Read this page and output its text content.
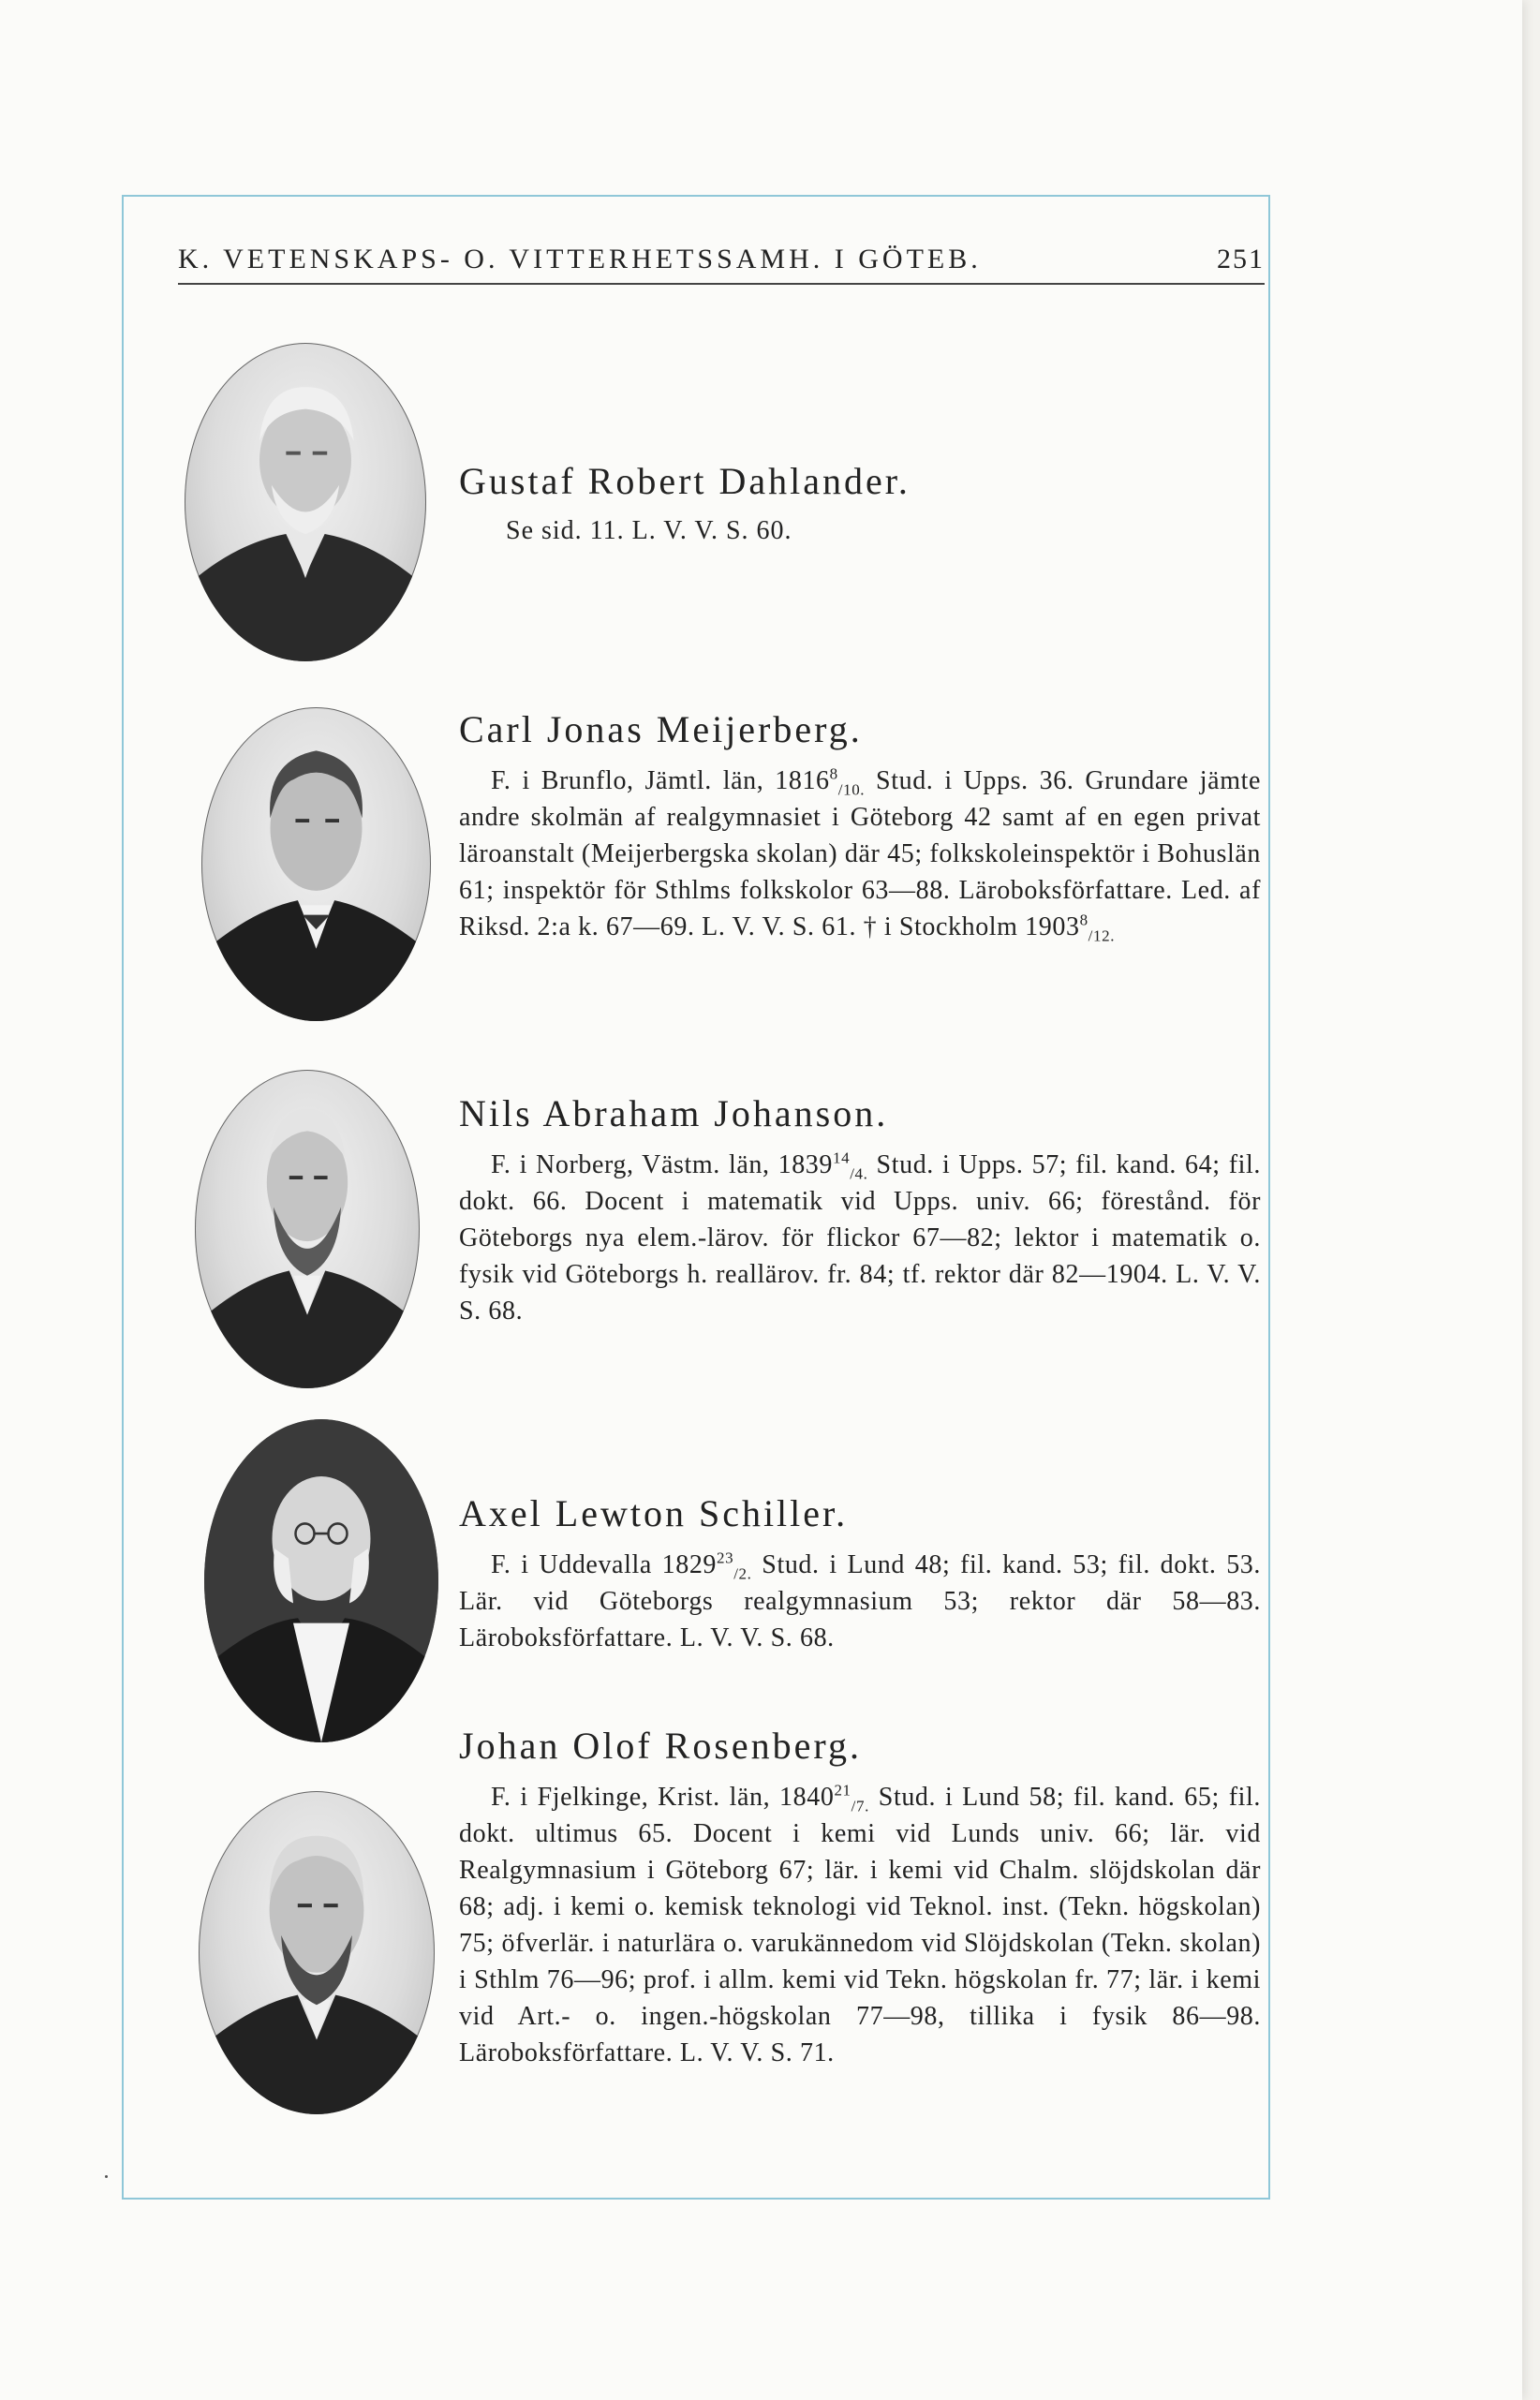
K. VETENSKAPS- O. VITTERHETSSAMH. I GÖTEB.	251
Gustaf Robert Dahlander.
Se sid. 11. L. V. V. S. 60.
Carl Jonas Meijerberg.
F. i Brunflo, Jämtl. län, $1816^8_{/10.}$ Stud. i Upps. 36. Grundare jämte andre skolmän af realgymnasiet i Göteborg 42 samt af en egen privat läroanstalt (Meijerbergska skolan) där 45; folkskoleinspektör i Bohuslän 61; inspektör för Sthlms folkskolor 63—88. Läroboksförfattare. Led. af Riksd. 2:a k. 67—69. L. V. V. S. 61. † i Stockholm $1903^8_{/12.}$
Nils Abraham Johanson.
F. i Norberg, Västm. län, $1839^{14}_{/4.}$ Stud. i Upps. 57; fil. kand. 64; fil. dokt. 66. Docent i matematik vid Upps. univ. 66; förestånd. för Göteborgs nya elem.-lärov. för flickor 67—82; lektor i matematik o. fysik vid Göteborgs h. reallärov. fr. 84; tf. rektor där 82—1904. L. V. V. S. 68.
Axel Lewton Schiller.
F. i Uddevalla $1829^{23}_{/2.}$ Stud. i Lund 48; fil. kand. 53; fil. dokt. 53. Lär. vid Göteborgs realgymnasium 53; rektor där 58—83. Läroboksförfattare. L. V. V. S. 68.
Johan Olof Rosenberg.
F. i Fjelkinge, Krist. län, $1840^{21}_{/7.}$ Stud. i Lund 58; fil. kand. 65; fil. dokt. ultimus 65. Docent i kemi vid Lunds univ. 66; lär. vid Realgymnasium i Göteborg 67; lär. i kemi vid Chalm. slöjdskolan där 68; adj. i kemi o. kemisk teknologi vid Teknol. inst. (Tekn. högskolan) 75; öfverlär. i naturlära o. varukännedom vid Slöjdskolan (Tekn. skolan) i Sthlm 76—96; prof. i allm. kemi vid Tekn. högskolan fr. 77; lär. i kemi vid Art.- o. ingen.-högskolan 77—98, tillika i fysik 86—98. Läroboksförfattare. L. V. V. S. 71.
